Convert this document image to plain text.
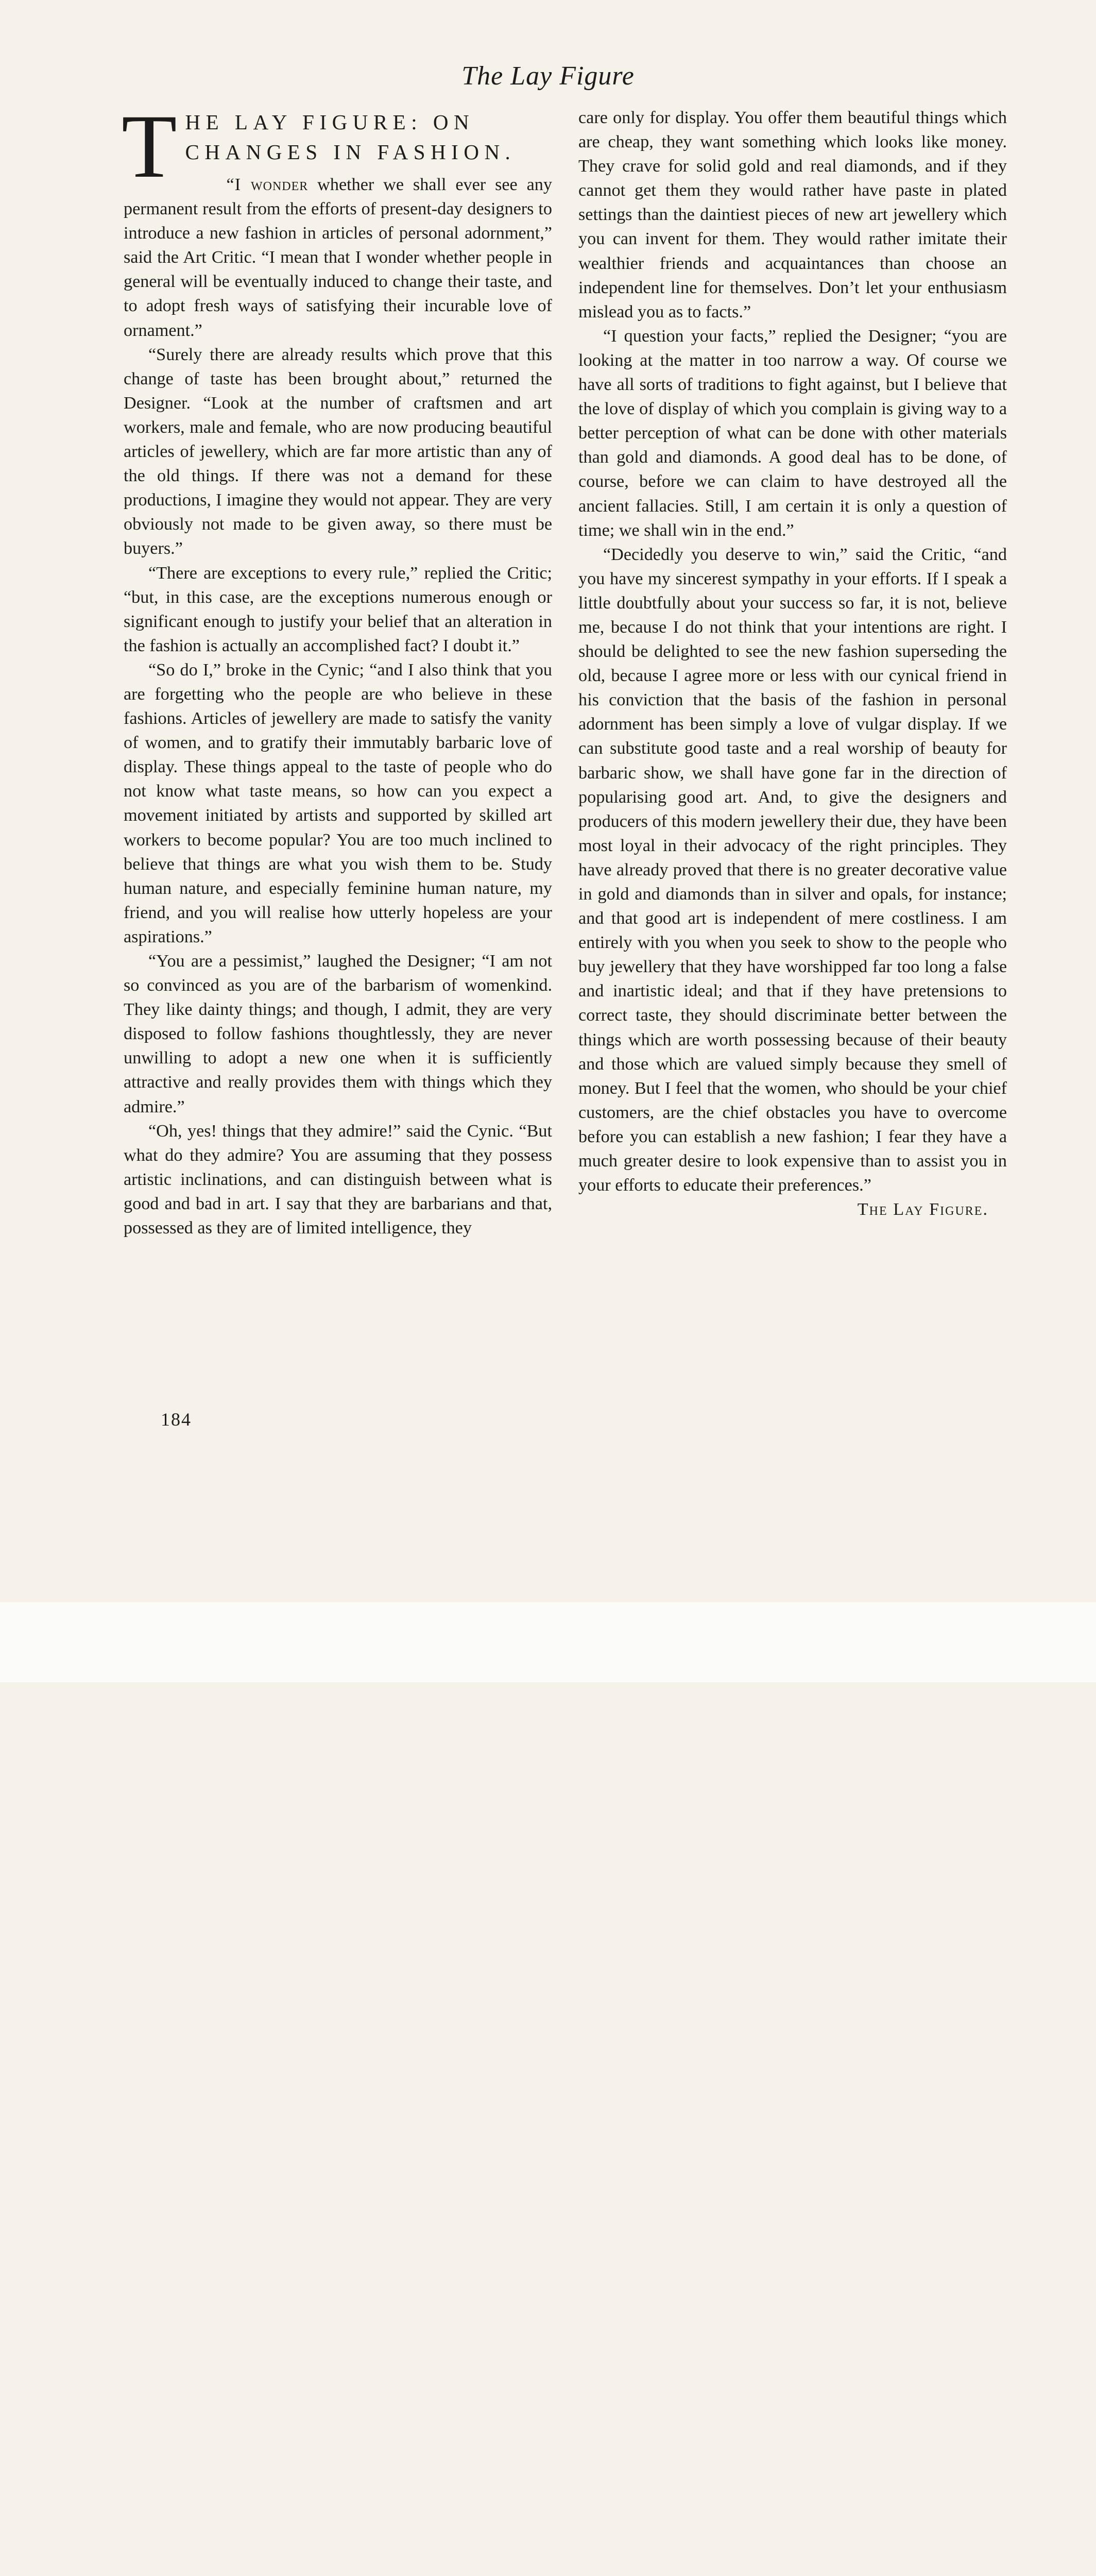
The Lay Figure
T HE LAY FIGURE: ON
CHANGES IN FASHION.

“I wonder whether we shall ever see any permanent result from the efforts of present-day designers to introduce a new fashion in articles of personal adornment,” said the Art Critic. “I mean that I wonder whether people in general will be eventually induced to change their taste, and to adopt fresh ways of satisfying their incurable love of ornament.”

“Surely there are already results which prove that this change of taste has been brought about,” returned the Designer. “Look at the number of craftsmen and art workers, male and female, who are now producing beautiful articles of jewellery, which are far more artistic than any of the old things. If there was not a demand for these productions, I imagine they would not appear. They are very obviously not made to be given away, so there must be buyers.”

“There are exceptions to every rule,” replied the Critic; “but, in this case, are the exceptions numerous enough or significant enough to justify your belief that an alteration in the fashion is actually an accomplished fact? I doubt it.”

“So do I,” broke in the Cynic; “and I also think that you are forgetting who the people are who believe in these fashions. Articles of jewellery are made to satisfy the vanity of women, and to gratify their immutably barbaric love of display. These things appeal to the taste of people who do not know what taste means, so how can you expect a movement initiated by artists and supported by skilled art workers to become popular? You are too much inclined to believe that things are what you wish them to be. Study human nature, and especially feminine human nature, my friend, and you will realise how utterly hopeless are your aspirations.”

“You are a pessimist,” laughed the Designer; “I am not so convinced as you are of the barbarism of womenkind. They like dainty things; and though, I admit, they are very disposed to follow fashions thoughtlessly, they are never unwilling to adopt a new one when it is sufficiently attractive and really provides them with things which they admire.”

“Oh, yes! things that they admire!” said the Cynic. “But what do they admire? You are assuming that they possess artistic inclinations, and can distinguish between what is good and bad in art. I say that they are barbarians and that, possessed as they are of limited intelligence, they

care only for display. You offer them beautiful things which are cheap, they want something which looks like money. They crave for solid gold and real diamonds, and if they cannot get them they would rather have paste in plated settings than the daintiest pieces of new art jewellery which you can invent for them. They would rather imitate their wealthier friends and acquaintances than choose an independent line for themselves. Don’t let your enthusiasm mislead you as to facts.”

“I question your facts,” replied the Designer; “you are looking at the matter in too narrow a way. Of course we have all sorts of traditions to fight against, but I believe that the love of display of which you complain is giving way to a better perception of what can be done with other materials than gold and diamonds. A good deal has to be done, of course, before we can claim to have destroyed all the ancient fallacies. Still, I am certain it is only a question of time; we shall win in the end.”

“Decidedly you deserve to win,” said the Critic, “and you have my sincerest sympathy in your efforts. If I speak a little doubtfully about your success so far, it is not, believe me, because I do not think that your intentions are right. I should be delighted to see the new fashion superseding the old, because I agree more or less with our cynical friend in his conviction that the basis of the fashion in personal adornment has been simply a love of vulgar display. If we can substitute good taste and a real worship of beauty for barbaric show, we shall have gone far in the direction of popularising good art. And, to give the designers and producers of this modern jewellery their due, they have been most loyal in their advocacy of the right principles. They have already proved that there is no greater decorative value in gold and diamonds than in silver and opals, for instance; and that good art is independent of mere costliness. I am entirely with you when you seek to show to the people who buy jewellery that they have worshipped far too long a false and inartistic ideal; and that if they have pretensions to correct taste, they should discriminate better between the things which are worth possessing because of their beauty and those which are valued simply because they smell of money. But I feel that the women, who should be your chief customers, are the chief obstacles you have to overcome before you can establish a new fashion; I fear they have a much greater desire to look expensive than to assist you in your efforts to educate their preferences.”

The Lay Figure.

184
